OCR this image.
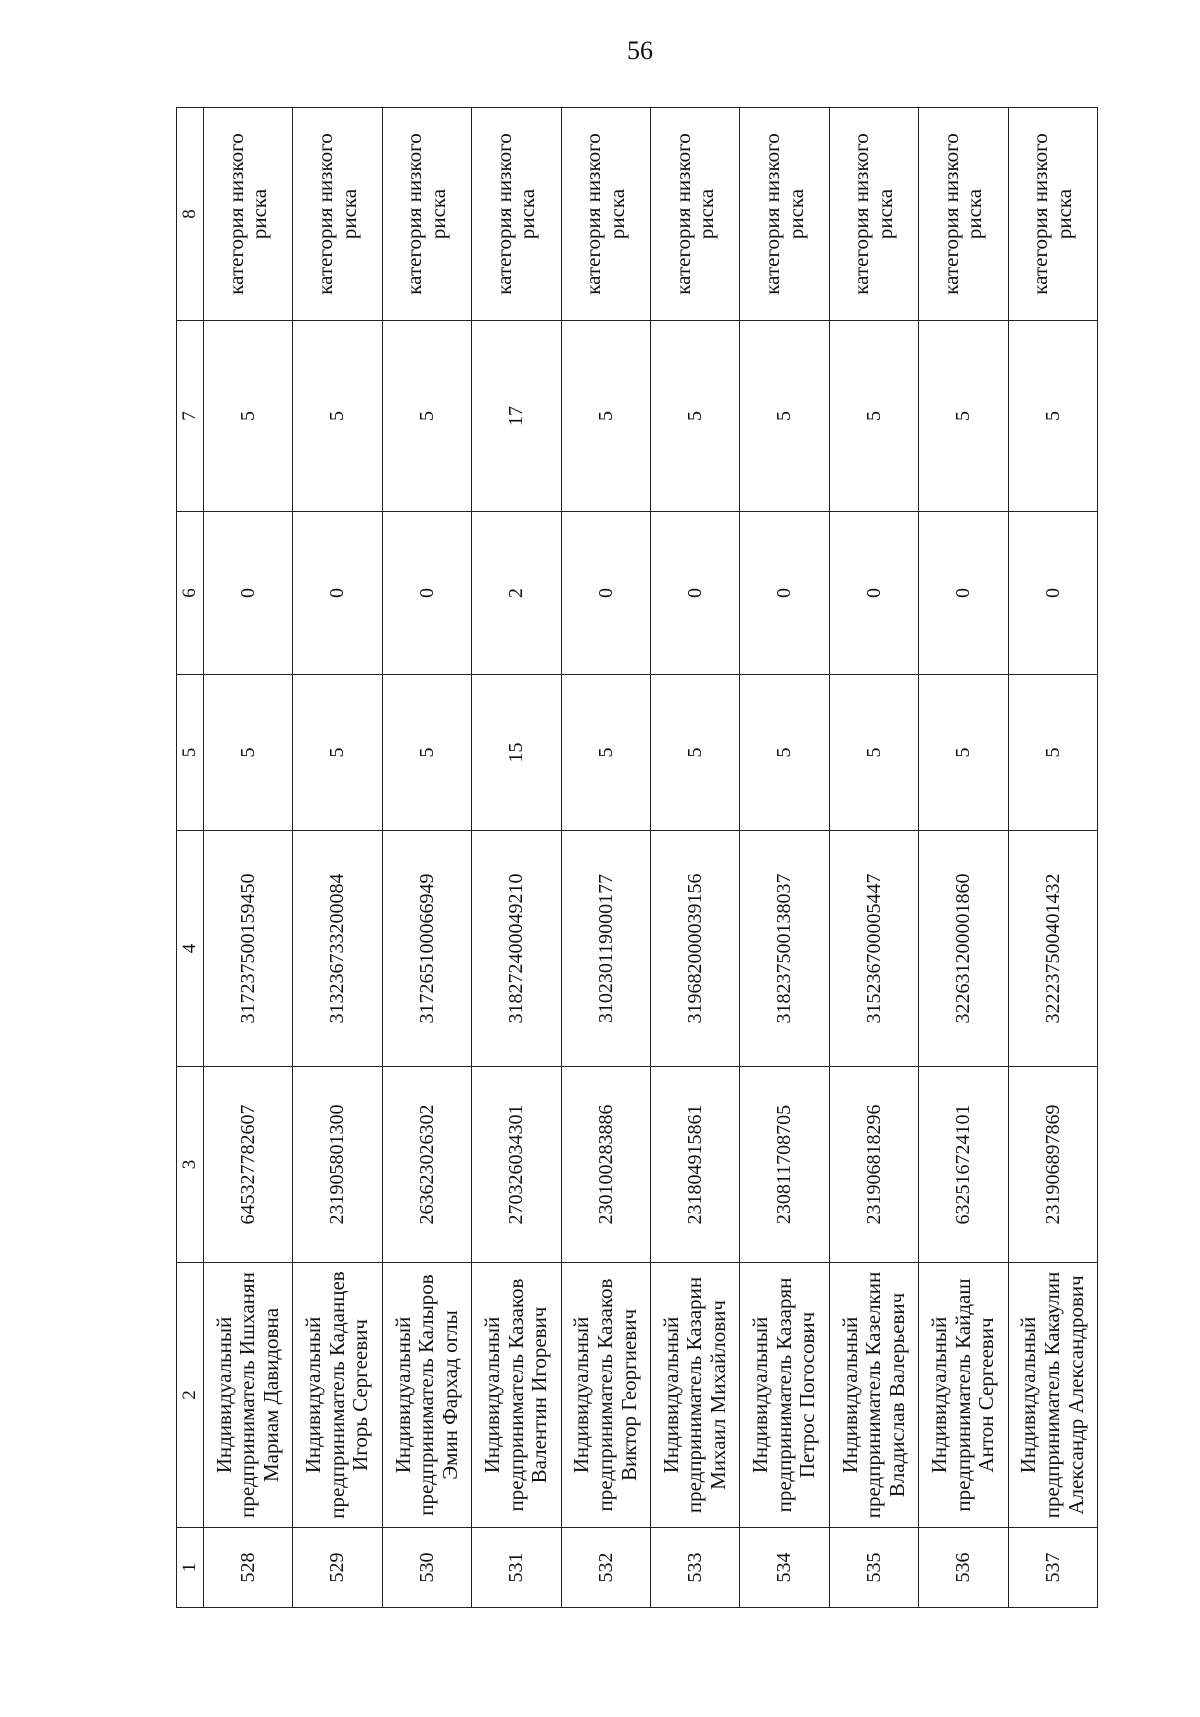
56
1	2	3	4	5	6	7	8
528	Индивидуальный предприниматель Ишханян Мариам Давидовна	645327782607	317237500159450	5	0	5	категория низкого риска
529	Индивидуальный предприниматель Каданцев Игорь Сергеевич	231905801300	313236733200084	5	0	5	категория низкого риска
530	Индивидуальный предприниматель Калыров Эмин Фархад оглы	263623026302	317265100066949	5	0	5	категория низкого риска
531	Индивидуальный предприниматель Казаков Валентин Игоревич	270326034301	318272400049210	15	2	17	категория низкого риска
532	Индивидуальный предприниматель Казаков Виктор Георгиевич	230100283886	310230119000177	5	0	5	категория низкого риска
533	Индивидуальный предприниматель Казарин Михаил Михайлович	231804915861	319682000039156	5	0	5	категория низкого риска
534	Индивидуальный предприниматель Казарян Петрос Погосович	230811708705	318237500138037	5	0	5	категория низкого риска
535	Индивидуальный предприниматель Казелкин Владислав Валерьевич	231906818296	315236700005447	5	0	5	категория низкого риска
536	Индивидуальный предприниматель Кайдаш Антон Сергеевич	632516724101	322631200001860	5	0	5	категория низкого риска
537	Индивидуальный предприниматель Какаулин Александр Александрович	231906897869	322237500401432	5	0	5	категория низкого риска
